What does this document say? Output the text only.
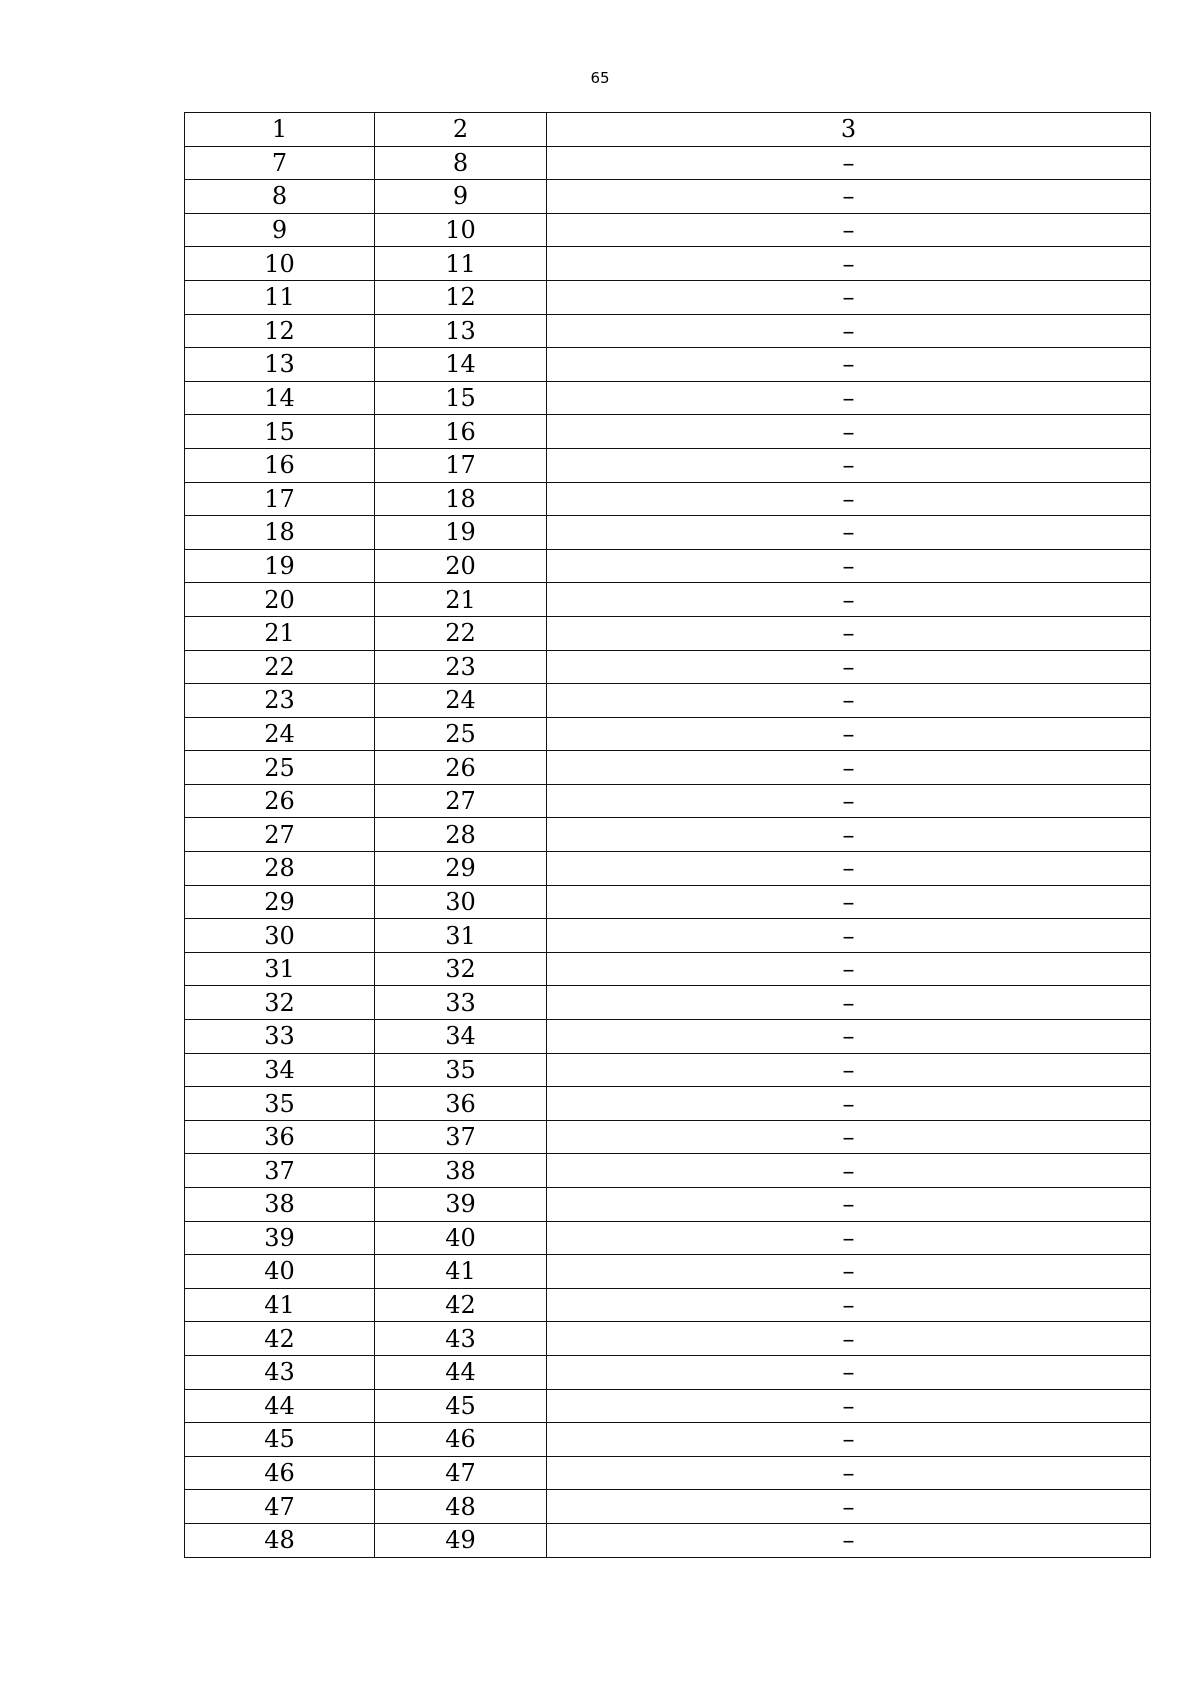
65
1	2	3
7	8	–
8	9	–
9	10	–
10	11	–
11	12	–
12	13	–
13	14	–
14	15	–
15	16	–
16	17	–
17	18	–
18	19	–
19	20	–
20	21	–
21	22	–
22	23	–
23	24	–
24	25	–
25	26	–
26	27	–
27	28	–
28	29	–
29	30	–
30	31	–
31	32	–
32	33	–
33	34	–
34	35	–
35	36	–
36	37	–
37	38	–
38	39	–
39	40	–
40	41	–
41	42	–
42	43	–
43	44	–
44	45	–
45	46	–
46	47	–
47	48	–
48	49	–
